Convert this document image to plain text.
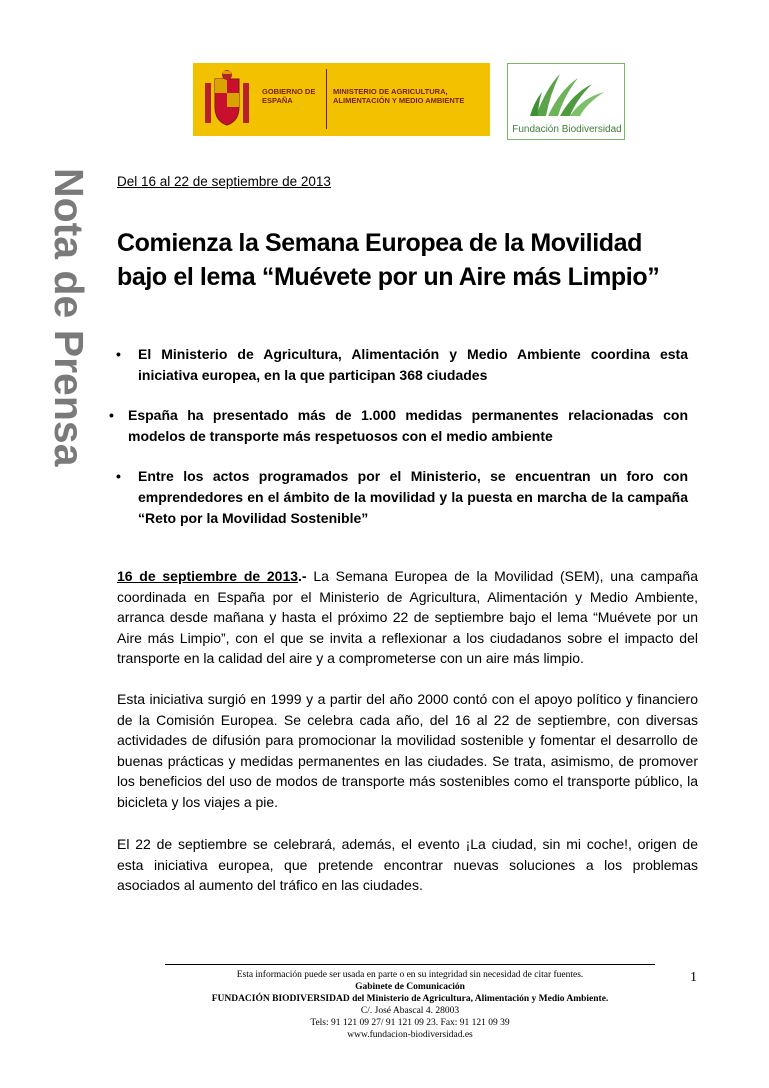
GOBIERNO DE ESPAÑA
MINISTERIO DE AGRICULTURA, ALIMENTACIÓN Y MEDIO AMBIENTE
Fundación Biodiversidad
Nota de Prensa Del 16 al 22 de septiembre de 2013
Comienza la Semana Europea de la Movilidad bajo el lema “Muévete por un Aire más Limpio”
• El Ministerio de Agricultura, Alimentación y Medio Ambiente coordina esta iniciativa europea, en la que participan 368 ciudades
• España ha presentado más de 1.000 medidas permanentes relacionadas con modelos de transporte más respetuosos con el medio ambiente
• Entre los actos programados por el Ministerio, se encuentran un foro con emprendedores en el ámbito de la movilidad y la puesta en marcha de la campaña “Reto por la Movilidad Sostenible”

16 de septiembre de 2013.- La Semana Europea de la Movilidad (SEM), una campaña coordinada en España por el Ministerio de Agricultura, Alimentación y Medio Ambiente, arranca desde mañana y hasta el próximo 22 de septiembre bajo el lema “Muévete por un Aire más Limpio”, con el que se invita a reflexionar a los ciudadanos sobre el impacto del transporte en la calidad del aire y a comprometerse con un aire más limpio.

Esta iniciativa surgió en 1999 y a partir del año 2000 contó con el apoyo político y financiero de la Comisión Europea. Se celebra cada año, del 16 al 22 de septiembre, con diversas actividades de difusión para promocionar la movilidad sostenible y fomentar el desarrollo de buenas prácticas y medidas permanentes en las ciudades. Se trata, asimismo, de promover los beneficios del uso de modos de transporte más sostenibles como el transporte público, la bicicleta y los viajes a pie.

El 22 de septiembre se celebrará, además, el evento ¡La ciudad, sin mi coche!, origen de esta iniciativa europea, que pretende encontrar nuevas soluciones a los problemas asociados al aumento del tráfico en las ciudades.

Esta información puede ser usada en parte o en su integridad sin necesidad de citar fuentes.
Gabinete de Comunicación
FUNDACIÓN BIODIVERSIDAD del Ministerio de Agricultura, Alimentación y Medio Ambiente.
C/. José Abascal 4. 28003
Tels: 91 121 09 27/ 91 121 09 23. Fax: 91 121 09 39
www.fundacion-biodiversidad.es
1
